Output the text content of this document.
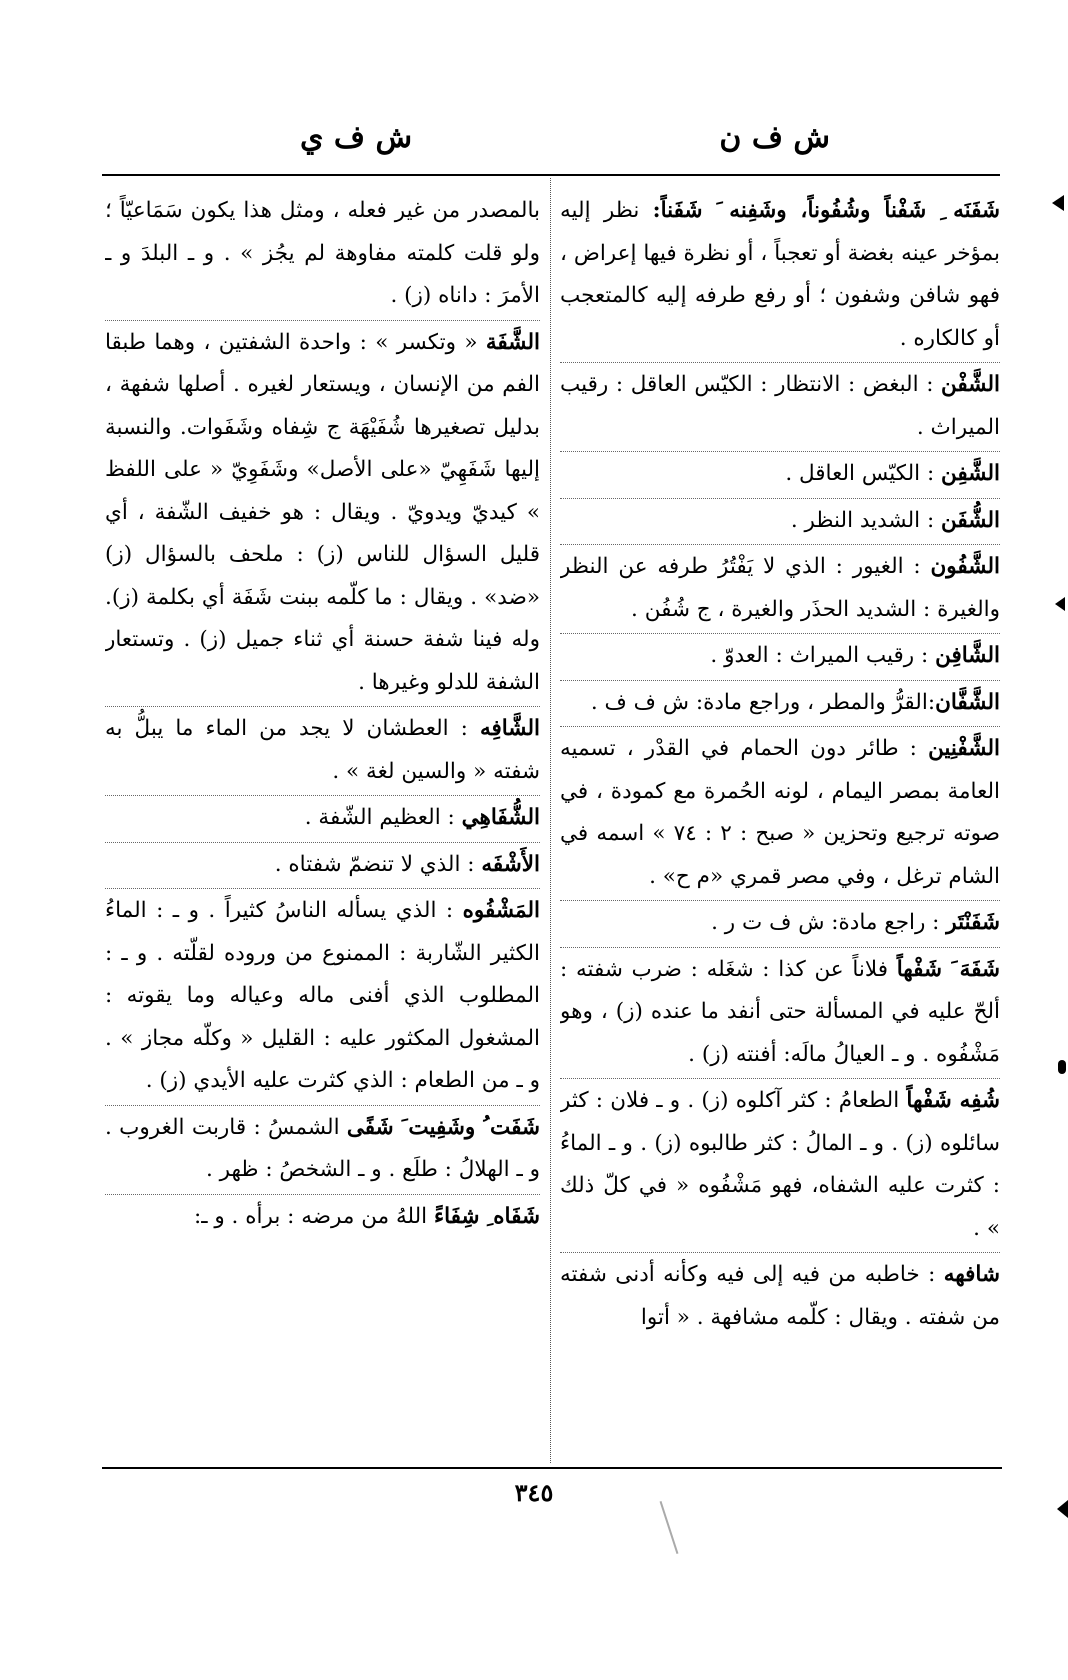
ش ف ن
ش ف ي

شَفَنَه ِ شَفْناً وشُفُوناً، وشَفِنه َ شَفَناً: نظر إليه بمؤخر عينه بغضة أو تعجباً ، أو نظرة فيها إعراض ، فهو شافن وشفون ؛ أو رفع طرفه إليه كالمتعجب أو كالكاره .

الشَّفْن : البغض : الانتظار : الكيّس العاقل : رقيب الميراث .

الشَّفِن : الكيّس العاقل .

الشُّفَن : الشديد النظر .

الشَّفُون : الغيور : الذي لا يَفْتُرُ طرفه عن النظر والغيرة : الشديد الحذَر والغيرة ، ج شُفُن .

الشَّافِن : رقيب الميراث : العدوّ .

الشَّفَّان:القرُّ والمطر ، وراجع مادة: ش ف ف .

الشَّفْنِين : طائر دون الحمام في القدْر ، تسميه العامة بمصر اليمام ، لونه الحُمرة مع كمودة ، في صوته ترجيع وتحزين « صبح : ٢ : ٧٤ » اسمه في الشام ترغل ، وفي مصر قمري «م ح» .

شَفَنْتَر : راجع مادة: ش ف ت ر .

شَفَهَ َ شَفْهاً فلاناً عن كذا : شغَله : ضرب شفته : ألحّ عليه في المسألة حتى أنفد ما عنده (ز) ، وهو مَشْفُوه . و ـ العيالُ مالَه: أفنته (ز) .

شُفِه شَفْهاً الطعامُ : كثر آكلوه (ز) . و ـ فلان : كثر سائلوه (ز) . و ـ المالُ : كثر طالبوه (ز) . و ـ الماءُ : كثرت عليه الشفاه، فهو مَشْفُوه « في كلّ ذلك » .

شافهه : خاطبه من فيه إلى فيه وكأنه أدنى شفته من شفته . ويقال : كلّمه مشافهة . « أتوا

بالمصدر من غير فعله ، ومثل هذا يكون سَمَاعيّاً ؛ ولو قلت كلمته مفاوهة لم يجُز » . و ـ البلدَ و ـ الأمرَ : داناه (ز) .

الشَّفَة « وتكسر » : واحدة الشفتين ، وهما طبقا الفم من الإنسان ، ويستعار لغيره . أصلها شفهة ، بدليل تصغيرها شُفَيْهَة ج شِفاه وشَفَوات. والنسبة إليها شَفَهِيّ «على الأصل» وشَفَوِيّ « على اللفظ » كيديّ ويدويّ . ويقال : هو خفيف الشّفة ، أي قليل السؤال للناس (ز) : ملحف بالسؤال (ز) «ضد» . ويقال : ما كلّمه ببنت شَفَة أي بكلمة (ز). وله فينا شفة حسنة أي ثناء جميل (ز) . وتستعار الشفة للدلو وغيرها .

الشَّافِه : العطشان لا يجد من الماء ما يبلُّ به شفته « والسين لغة » .

الشُّفَاهِي : العظيم الشّفة .

الأَشْفَه : الذي لا تنضمّ شفتاه .

المَشْفُوه : الذي يسأله الناسُ كثيراً . و ـ : الماءُ الكثير الشّاربة : الممنوع من وروده لقلّته . و ـ : المطلوب الذي أفنى ماله وعياله وما يقوته : المشغول المكثور عليه : القليل « وكلّه مجاز » . و ـ من الطعام : الذي كثرت عليه الأيدي (ز) .

شَفَت ُ وشَفِيت َ شَفًى الشمسُ : قاربت الغروب . و ـ الهلالُ : طلَع . و ـ الشخصُ : ظهر .

شَفَاه ِ شِفَاءً اللهُ من مرضه : برأه . و ـ:

٣٤٥
